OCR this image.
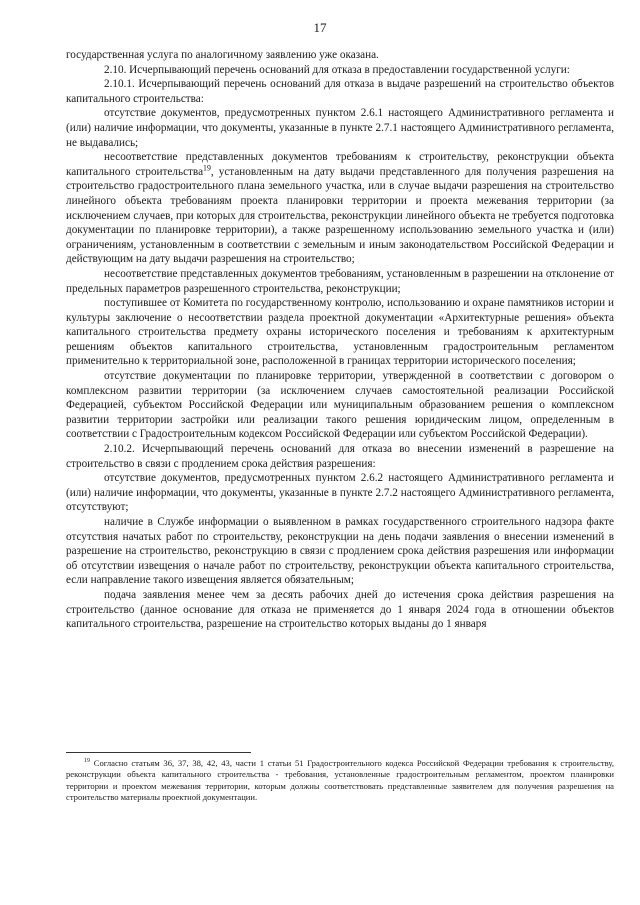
17

государственная услуга по аналогичному заявлению уже оказана.

2.10. Исчерпывающий перечень оснований для отказа в предоставлении государственной услуги:

2.10.1. Исчерпывающий перечень оснований для отказа в выдаче разрешений на строительство объектов капитального строительства:

отсутствие документов, предусмотренных пунктом 2.6.1 настоящего Административного регламента и (или) наличие информации, что документы, указанные в пункте 2.7.1 настоящего Административного регламента, не выдавались;

несоответствие представленных документов требованиям к строительству, реконструкции объекта капитального строительства$^{19}$, установленным на дату выдачи представленного для получения разрешения на строительство градостроительного плана земельного участка, или в случае выдачи разрешения на строительство линейного объекта требованиям проекта планировки территории и проекта межевания территории (за исключением случаев, при которых для строительства, реконструкции линейного объекта не требуется подготовка документации по планировке территории), а также разрешенному использованию земельного участка и (или) ограничениям, установленным в соответствии с земельным и иным законодательством Российской Федерации и действующим на дату выдачи разрешения на строительство;

несоответствие представленных документов требованиям, установленным в разрешении на отклонение от предельных параметров разрешенного строительства, реконструкции;

поступившее от Комитета по государственному контролю, использованию и охране памятников истории и культуры заключение о несоответствии раздела проектной документации «Архитектурные решения» объекта капитального строительства предмету охраны исторического поселения и требованиям к архитектурным решениям объектов капитального строительства, установленным градостроительным регламентом применительно к территориальной зоне, расположенной в границах территории исторического поселения;

отсутствие документации по планировке территории, утвержденной в соответствии с договором о комплексном развитии территории (за исключением случаев самостоятельной реализации Российской Федерацией, субъектом Российской Федерации или муниципальным образованием решения о комплексном развитии территории застройки или реализации такого решения юридическим лицом, определенным в соответствии с Градостроительным кодексом Российской Федерации или субъектом Российской Федерации).

2.10.2. Исчерпывающий перечень оснований для отказа во внесении изменений в разрешение на строительство в связи с продлением срока действия разрешения:

отсутствие документов, предусмотренных пунктом 2.6.2 настоящего Административного регламента и (или) наличие информации, что документы, указанные в пункте 2.7.2 настоящего Административного регламента, отсутствуют;

наличие в Службе информации о выявленном в рамках государственного строительного надзора факте отсутствия начатых работ по строительству, реконструкции на день подачи заявления о внесении изменений в разрешение на строительство, реконструкцию в связи с продлением срока действия разрешения или информации об отсутствии извещения о начале работ по строительству, реконструкции объекта капитального строительства, если направление такого извещения является обязательным;

подача заявления менее чем за десять рабочих дней до истечения срока действия разрешения на строительство (данное основание для отказа не применяется до 1 января 2024 года в отношении объектов капитального строительства, разрешение на строительство которых выданы до 1 января

$^{19}$ Согласно статьям 36, 37, 38, 42, 43, части 1 статьи 51 Градостроительного кодекса Российской Федерации требования к строительству, реконструкции объекта капитального строительства - требования, установленные градостроительным регламентом, проектом планировки территории и проектом межевания территории, которым должны соответствовать представленные заявителем для получения разрешения на строительство материалы проектной документации.
